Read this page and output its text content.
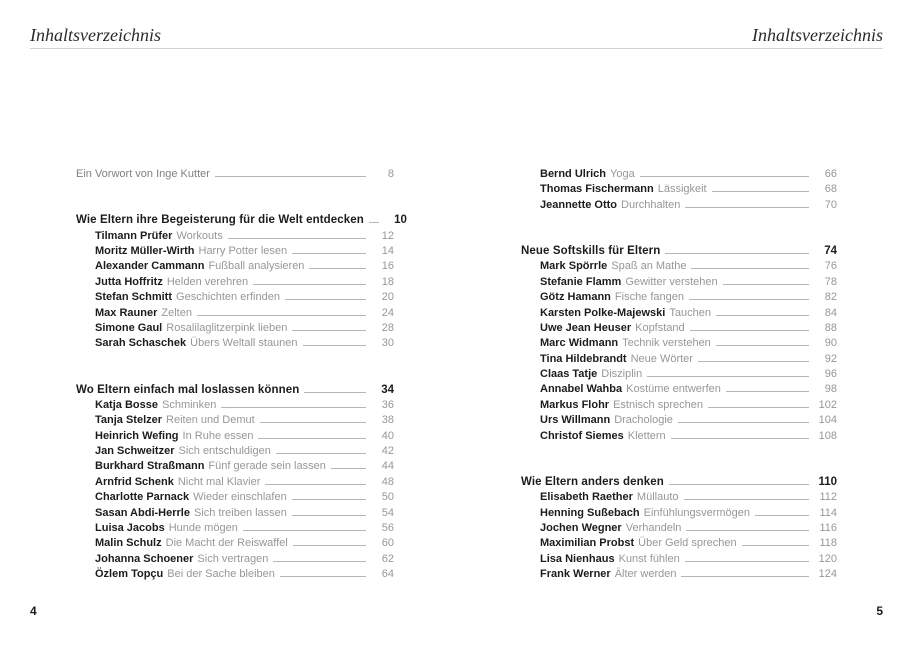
Inhaltsverzeichnis	Inhaltsverzeichnis
Ein Vorwort von Inge Kutter	8
Wie Eltern ihre Begeisterung für die Welt entdecken	10
Tilmann Prüfer Workouts	12
Moritz Müller-Wirth Harry Potter lesen	14
Alexander Cammann Fußball analysieren	16
Jutta Hoffritz Helden verehren	18
Stefan Schmitt Geschichten erfinden	20
Max Rauner Zelten	24
Simone Gaul Rosalilaglitzerpink lieben	28
Sarah Schaschek Übers Weltall staunen	30
Wo Eltern einfach mal loslassen können	34
Katja Bosse Schminken	36
Tanja Stelzer Reiten und Demut	38
Heinrich Wefing In Ruhe essen	40
Jan Schweitzer Sich entschuldigen	42
Burkhard Straßmann Fünf gerade sein lassen	44
Arnfrid Schenk Nicht mal Klavier	48
Charlotte Parnack Wieder einschlafen	50
Sasan Abdi-Herrle Sich treiben lassen	54
Luisa Jacobs Hunde mögen	56
Malin Schulz Die Macht der Reiswaffel	60
Johanna Schoener Sich vertragen	62
Özlem Topçu Bei der Sache bleiben	64
Bernd Ulrich Yoga	66
Thomas Fischermann Lässigkeit	68
Jeannette Otto Durchhalten	70
Neue Softskills für Eltern	74
Mark Spörrle Spaß an Mathe	76
Stefanie Flamm Gewitter verstehen	78
Götz Hamann Fische fangen	82
Karsten Polke-Majewski Tauchen	84
Uwe Jean Heuser Kopfstand	88
Marc Widmann Technik verstehen	90
Tina Hildebrandt Neue Wörter	92
Claas Tatje Disziplin	96
Annabel Wahba Kostüme entwerfen	98
Markus Flohr Estnisch sprechen	102
Urs Willmann Drachologie	104
Christof Siemes Klettern	108
Wie Eltern anders denken	110
Elisabeth Raether Müllauto	112
Henning Sußebach Einfühlungsvermögen	114
Jochen Wegner Verhandeln	116
Maximilian Probst Über Geld sprechen	118
Lisa Nienhaus Kunst fühlen	120
Frank Werner Älter werden	124
4	5
